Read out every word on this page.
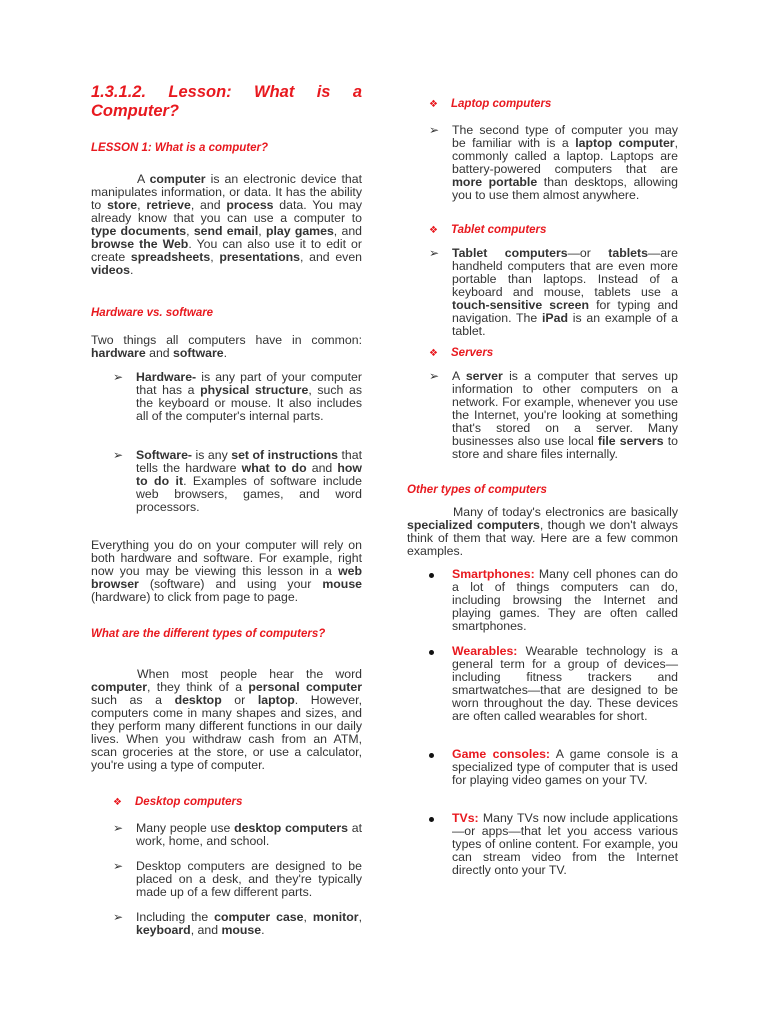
1.3.1.2. Lesson: What is a Computer?
LESSON 1: What is a computer?

A computer is an electronic device that manipulates information, or data. It has the ability to store, retrieve, and process data. You may already know that you can use a computer to type documents, send email, play games, and browse the Web. You can also use it to edit or create spreadsheets, presentations, and even videos.

Hardware vs. software

Two things all computers have in common: hardware and software.

➢ Hardware- is any part of your computer that has a physical structure, such as the keyboard or mouse. It also includes all of the computer's internal parts.

➢ Software- is any set of instructions that tells the hardware what to do and how to do it. Examples of software include web browsers, games, and word processors.

Everything you do on your computer will rely on both hardware and software. For example, right now you may be viewing this lesson in a web browser (software) and using your mouse (hardware) to click from page to page.

What are the different types of computers?

When most people hear the word computer, they think of a personal computer such as a desktop or laptop. However, computers come in many shapes and sizes, and they perform many different functions in our daily lives. When you withdraw cash from an ATM, scan groceries at the store, or use a calculator, you're using a type of computer.

❖ Desktop computers
➢ Many people use desktop computers at work, home, and school.

➢ Desktop computers are designed to be placed on a desk, and they're typically made up of a few different parts.

➢ Including the computer case, monitor, keyboard, and mouse.

❖ Laptop computers
➢ The second type of computer you may be familiar with is a laptop computer, commonly called a laptop. Laptops are battery-powered computers that are more portable than desktops, allowing you to use them almost anywhere.

❖ Tablet computers
➢ Tablet computers—or tablets—are handheld computers that are even more portable than laptops. Instead of a keyboard and mouse, tablets use a touch-sensitive screen for typing and navigation. The iPad is an example of a tablet.

❖ Servers
➢ A server is a computer that serves up information to other computers on a network. For example, whenever you use the Internet, you're looking at something that's stored on a server. Many businesses also use local file servers to store and share files internally.

Other types of computers

Many of today's electronics are basically specialized computers, though we don't always think of them that way. Here are a few common examples.

Smartphones: Many cell phones can do a lot of things computers can do, including browsing the Internet and playing games. They are often called smartphones.

Wearables: Wearable technology is a general term for a group of devices—including fitness trackers and smartwatches—that are designed to be worn throughout the day. These devices are often called wearables for short.

Game consoles: A game console is a specialized type of computer that is used for playing video games on your TV.

TVs: Many TVs now include applications—or apps—that let you access various types of online content. For example, you can stream video from the Internet directly onto your TV.
